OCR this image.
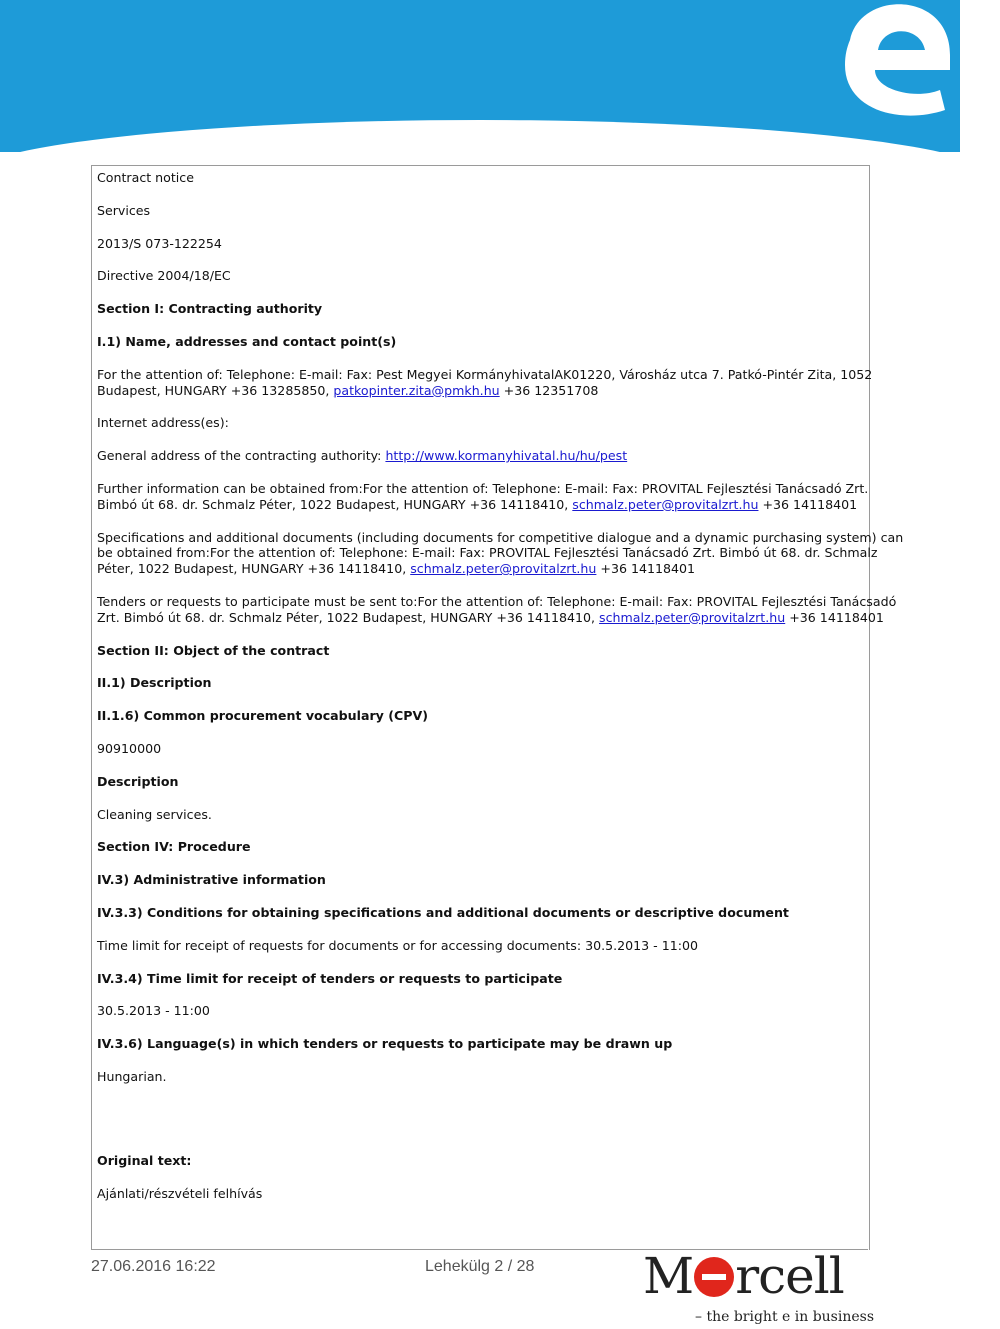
Contract notice

Services

2013/S 073-122254

Directive 2004/18/EC

Section I: Contracting authority

I.1) Name, addresses and contact point(s)

For the attention of: Telephone: E-mail: Fax: Pest Megyei KormányhivatalAK01220, Városház utca 7. Patkó-Pintér Zita, 1052
Budapest, HUNGARY +36 13285850, patkopinter.zita@pmkh.hu +36 12351708

Internet address(es):

General address of the contracting authority: http://www.kormanyhivatal.hu/hu/pest

Further information can be obtained from:For the attention of: Telephone: E-mail: Fax: PROVITAL Fejlesztési Tanácsadó Zrt.
Bimbó út 68. dr. Schmalz Péter, 1022 Budapest, HUNGARY +36 14118410, schmalz.peter@provitalzrt.hu +36 14118401

Specifications and additional documents (including documents for competitive dialogue and a dynamic purchasing system) can
be obtained from:For the attention of: Telephone: E-mail: Fax: PROVITAL Fejlesztési Tanácsadó Zrt. Bimbó út 68. dr. Schmalz
Péter, 1022 Budapest, HUNGARY +36 14118410, schmalz.peter@provitalzrt.hu +36 14118401

Tenders or requests to participate must be sent to:For the attention of: Telephone: E-mail: Fax: PROVITAL Fejlesztési Tanácsadó
Zrt. Bimbó út 68. dr. Schmalz Péter, 1022 Budapest, HUNGARY +36 14118410, schmalz.peter@provitalzrt.hu +36 14118401

Section II: Object of the contract

II.1) Description

II.1.6) Common procurement vocabulary (CPV)

90910000

Description

Cleaning services.

Section IV: Procedure

IV.3) Administrative information

IV.3.3) Conditions for obtaining specifications and additional documents or descriptive document

Time limit for receipt of requests for documents or for accessing documents: 30.5.2013 - 11:00

IV.3.4) Time limit for receipt of tenders or requests to participate

30.5.2013 - 11:00

IV.3.6) Language(s) in which tenders or requests to participate may be drawn up

Hungarian.

Original text:

Ajánlati/részvételi felhívás

27.06.2016 16:22	Lehekülg 2 / 28 M rcell
– the bright e in business
